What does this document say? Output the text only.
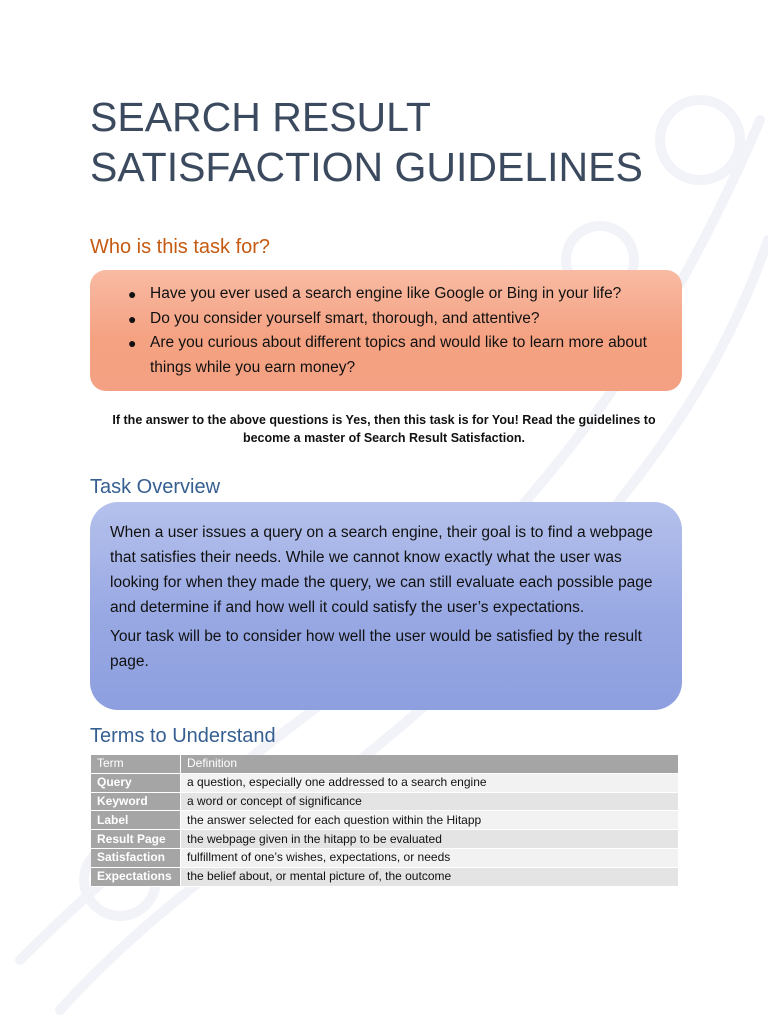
SEARCH RESULT SATISFACTION GUIDELINES
Who is this task for?
● Have you ever used a search engine like Google or Bing in your life?
● Do you consider yourself smart, thorough, and attentive?
● Are you curious about different topics and would like to learn more about things while you earn money?
If the answer to the above questions is Yes, then this task is for You! Read the guidelines to become a master of Search Result Satisfaction.
Task Overview

When a user issues a query on a search engine, their goal is to find a webpage that satisfies their needs. While we cannot know exactly what the user was looking for when they made the query, we can still evaluate each possible page and determine if and how well it could satisfy the user’s expectations.

Your task will be to consider how well the user would be satisfied by the result page.

Terms to Understand
Term	Definition
Query	a question, especially one addressed to a search engine
Keyword	a word or concept of significance
Label	the answer selected for each question within the Hitapp
Result Page	the webpage given in the hitapp to be evaluated
Satisfaction	fulfillment of one’s wishes, expectations, or needs
Expectations	the belief about, or mental picture of, the outcome
